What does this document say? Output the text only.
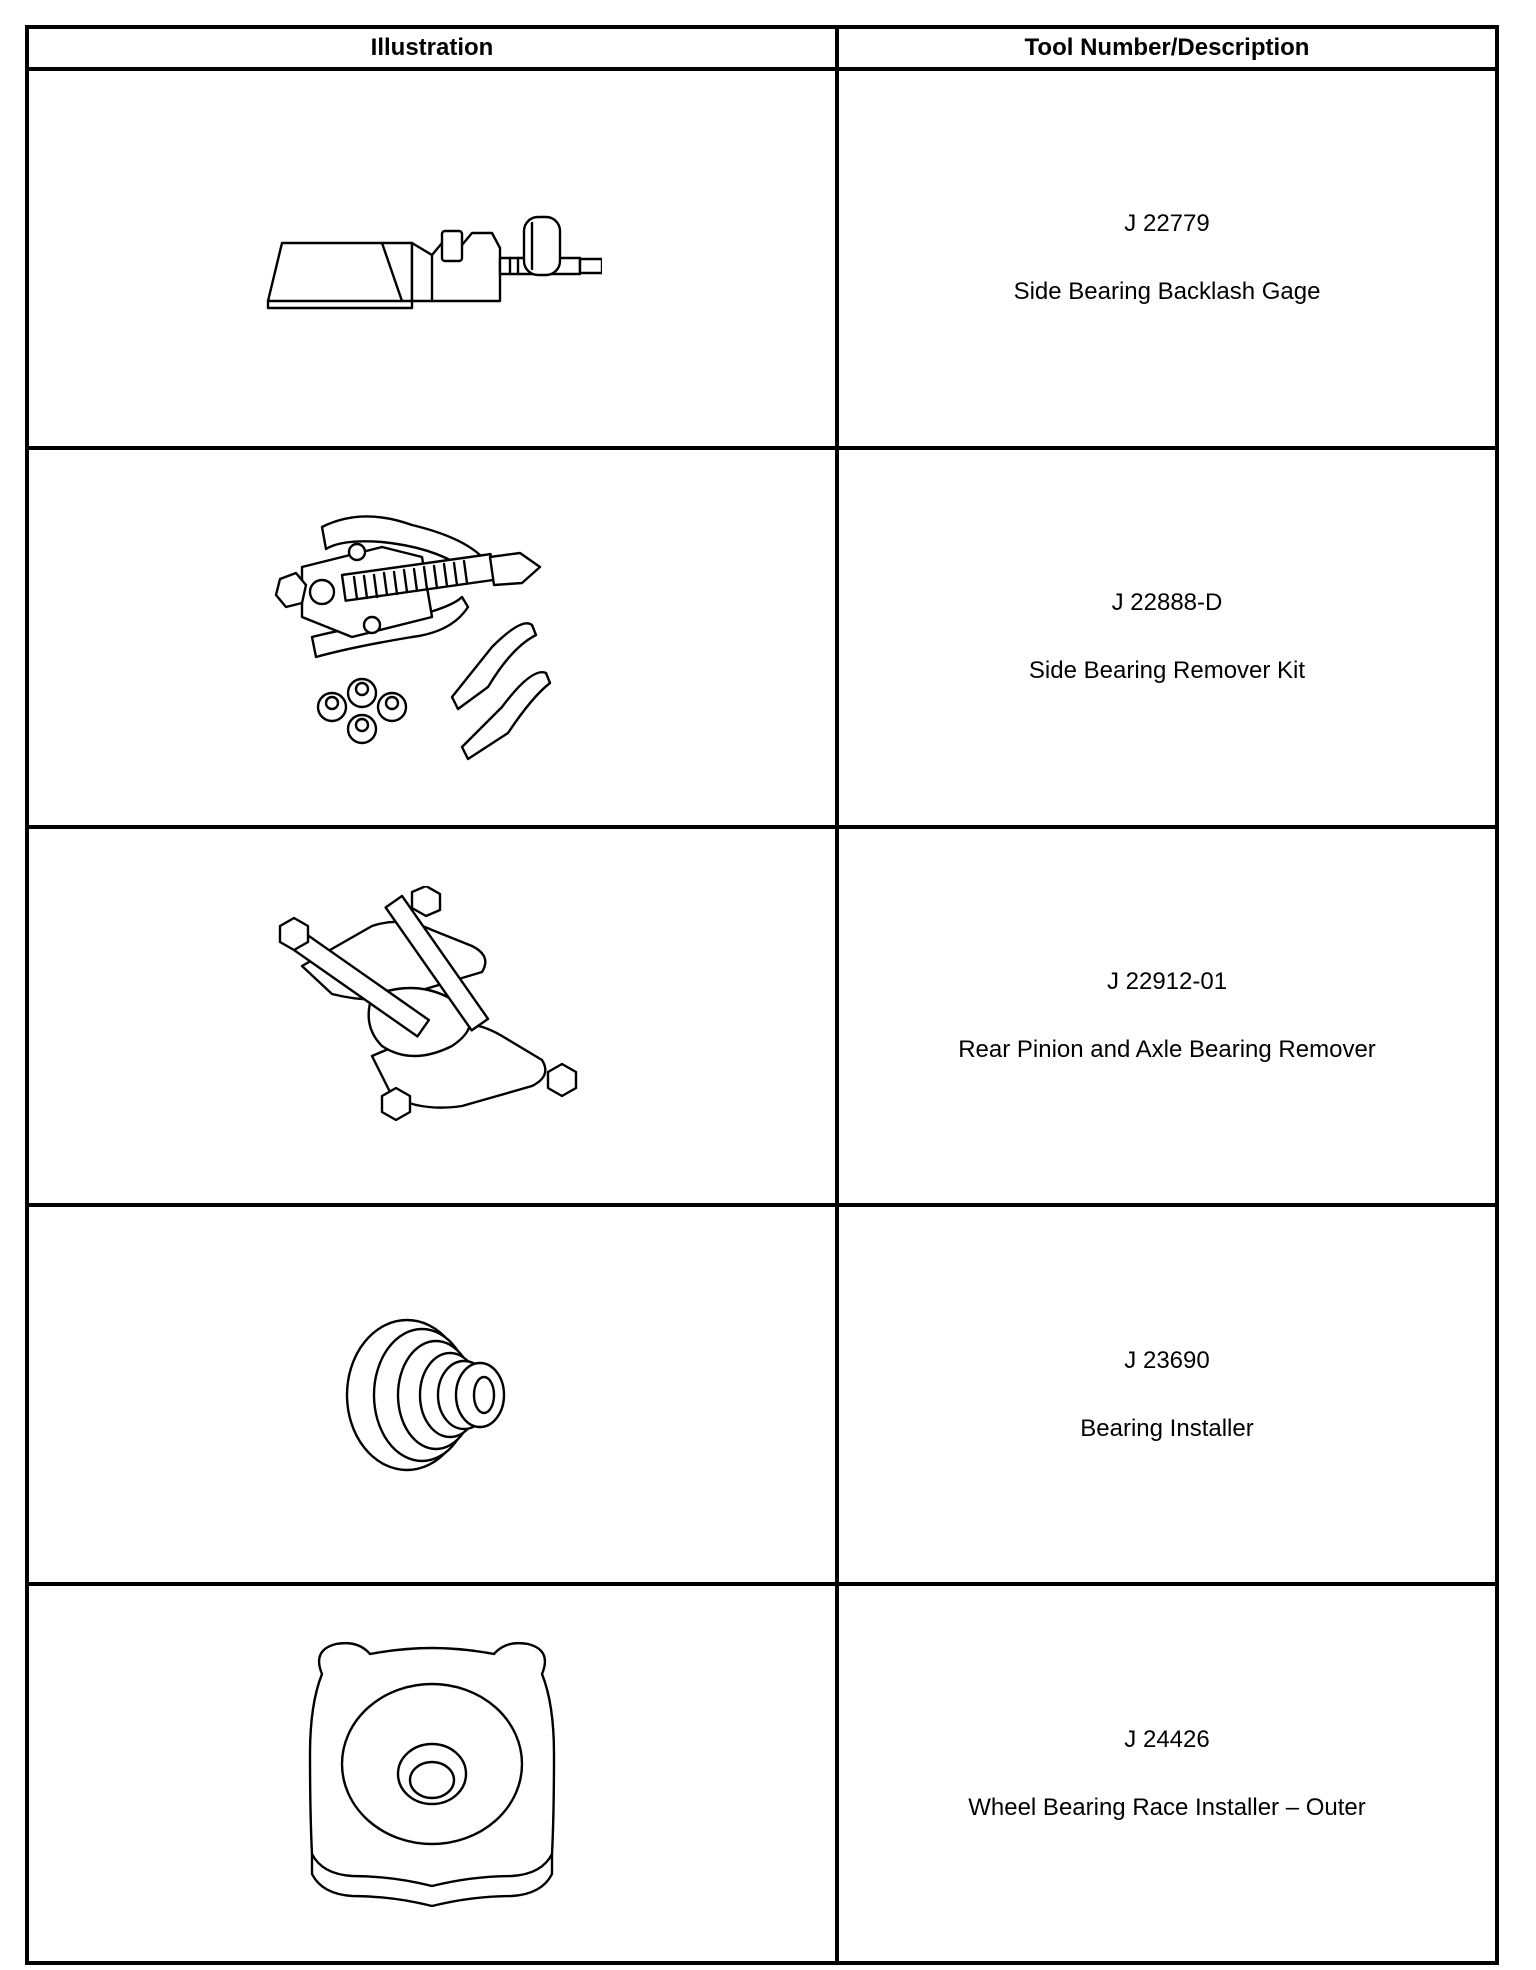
Illustration	Tool Number/Description

J 22779
Side Bearing Backlash Gage

J 22888-D
Side Bearing Remover Kit

J 22912-01
Rear Pinion and Axle Bearing Remover

J 23690
Bearing Installer

J 24426
Wheel Bearing Race Installer – Outer
